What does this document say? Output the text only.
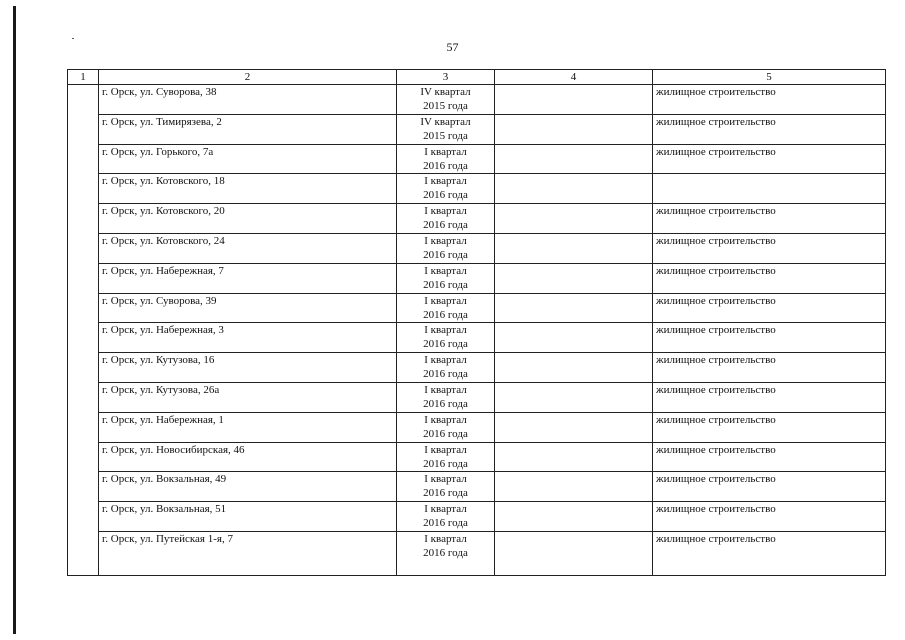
57
1	2	3	4	5
	г. Орск, ул. Суворова, 38	IV квартал
2015 года		жилищное строительство
	г. Орск, ул. Тимирязева, 2	IV квартал
2015 года		жилищное строительство
	г. Орск, ул. Горького, 7а	I квартал
2016 года		жилищное строительство
	г. Орск, ул. Котовского, 18	I квартал
2016 года		

	г. Орск, ул. Котовского, 20	I квартал
2016 года		жилищное строительство
	г. Орск, ул. Котовского, 24	I квартал
2016 года		жилищное строительство
	г. Орск, ул. Набережная, 7	I квартал
2016 года		жилищное строительство
	г. Орск, ул. Суворова, 39	I квартал
2016 года		жилищное строительство
	г. Орск, ул. Набережная, 3	I квартал
2016 года		жилищное строительство
	г. Орск, ул. Кутузова, 16	I квартал
2016 года		жилищное строительство
	г. Орск, ул. Кутузова, 26а	I квартал
2016 года		жилищное строительство
	г. Орск, ул. Набережная, 1	I квартал
2016 года		жилищное строительство
	г. Орск, ул. Новосибирская, 46	I квартал
2016 года		жилищное строительство
	г. Орск, ул. Вокзальная, 49	I квартал
2016 года		жилищное строительство
	г. Орск, ул. Вокзальная, 51	I квартал
2016 года		жилищное строительство
	г. Орск, ул. Путейская 1-я, 7	I квартал
2016 года		жилищное строительство
